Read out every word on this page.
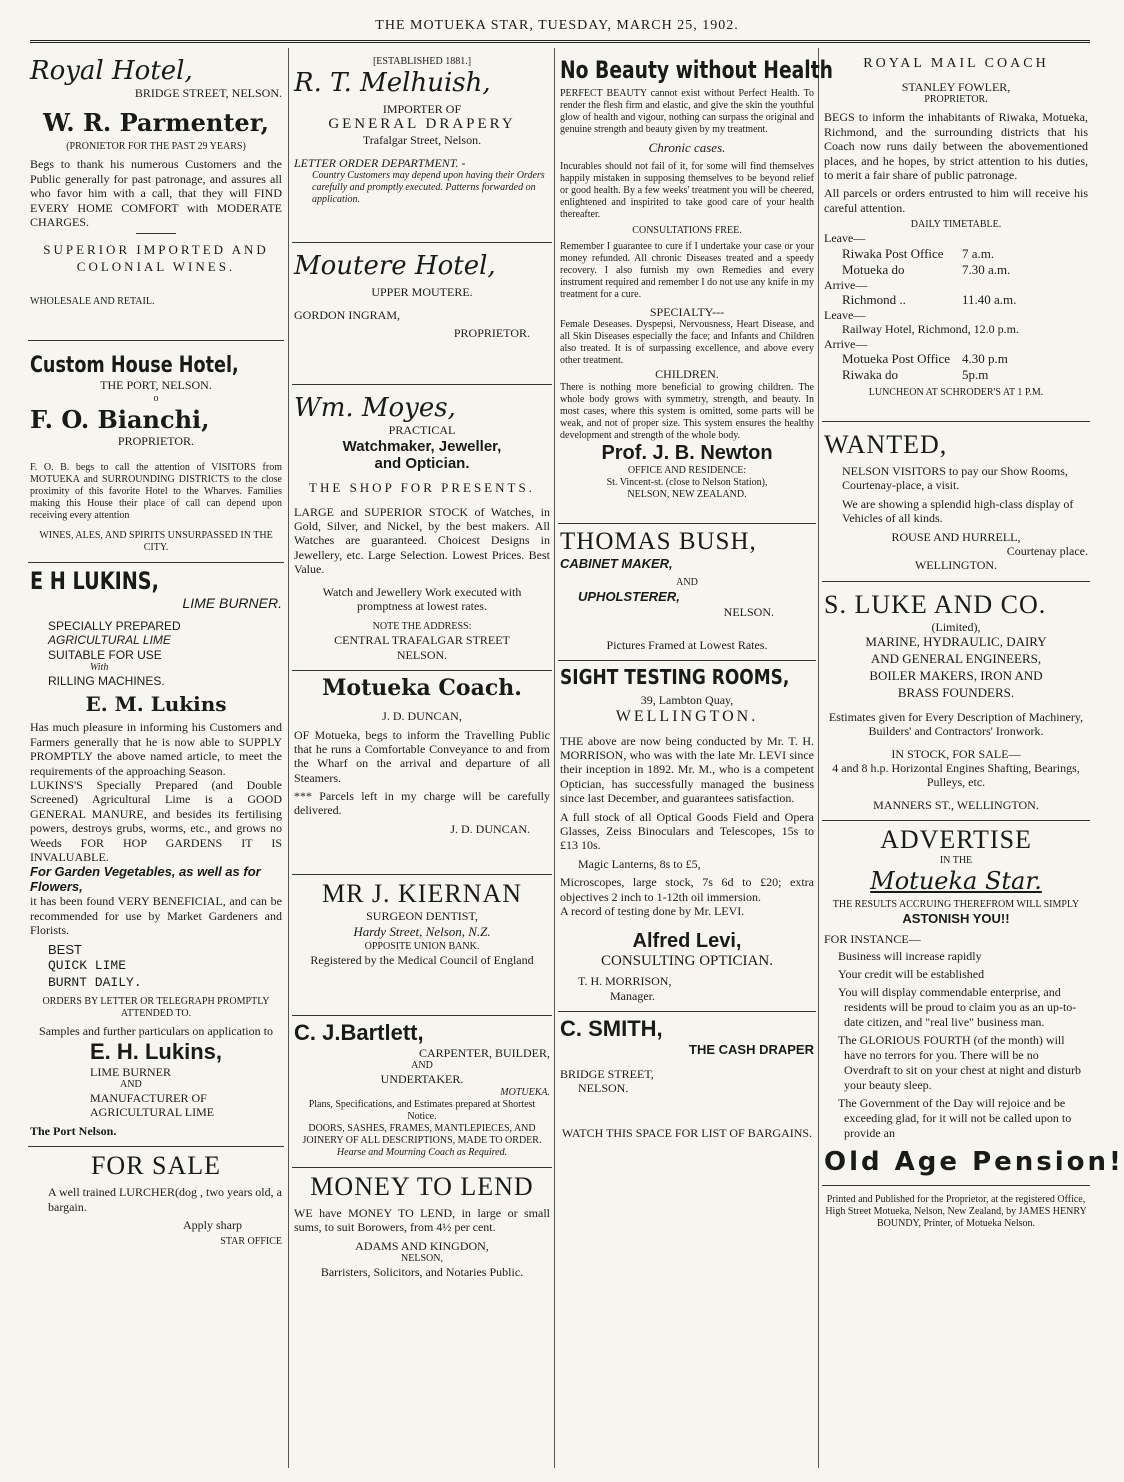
THE MOTUEKA STAR, TUESDAY, MARCH 25, 1902.
Royal Hotel,
BRIDGE STREET, NELSON.
W. R. Parmenter,
(PRONIETOR FOR THE PAST 29 YEARS)
Begs to thank his numerous Customers and the Public generally for past patronage, and assures all who favor him with a call, that they will FIND EVERY HOME COMFORT with MODERATE CHARGES.
SUPERIOR IMPORTED AND COLONIAL WINES.
WHOLESALE AND RETAIL.
Custom House Hotel,
THE PORT, NELSON.
o
F. O. Bianchi,
PROPRIETOR.
F. O. B. begs to call the attention of VISITORS from MOTUEKA and SURROUNDING DISTRICTS to the close proximity of this favorite Hotel to the Wharves. Families making this House their place of call can depend upon receiving every attention
WINES, ALES, AND SPIRITS UNSURPASSED IN THE CITY.
E H LUKINS,
LIME BURNER.
SPECIALLY PREPARED
AGRICULTURAL LIME
SUITABLE FOR USE
With
RILLING MACHINES.
E. M. Lukins
Has much pleasure in informing his Customers and Farmers generally that he is now able to SUPPLY PROMPTLY the above named article, to meet the requirements of the approaching Season.
LUKINS'S Specially Prepared (and Double Screened) Agricultural Lime is a GOOD GENERAL MANURE, and besides its fertilising powers, destroys grubs, worms, etc., and grows no Weeds FOR HOP GARDENS IT IS INVALUABLE.
For Garden Vegetables, as well as for Flowers,
it has been found VERY BENEFICIAL, and can be recommended for use by Market Gardeners and Florists.
BEST
QUICK LIME
BURNT DAILY.
ORDERS BY LETTER OR TELEGRAPH PROMPTLY ATTENDED TO.
Samples and further particulars on application to
E. H. Lukins,
LIME BURNER
AND
MANUFACTURER OF
AGRICULTURAL LIME
The Port Nelson.
FOR SALE
A well trained LURCHER(dog , two years old, a bargain.
Apply sharp
STAR OFFICE
[ESTABLISHED 1881.]
R. T. Melhuish,
IMPORTER OF
GENERAL DRAPERY
Trafalgar Street, Nelson.
LETTER ORDER DEPARTMENT. -
Country Customers may depend upon having their Orders carefully and promptly executed. Patterns forwarded on application.
Moutere Hotel,
UPPER MOUTERE.
GORDON INGRAM,
PROPRIETOR.
Wm. Moyes,
PRACTICAL
Watchmaker, Jeweller,
and Optician.
THE SHOP FOR PRESENTS.
LARGE and SUPERIOR STOCK of Watches, in Gold, Silver, and Nickel, by the best makers. All Watches are guaranteed. Choicest Designs in Jewellery, etc. Large Selection. Lowest Prices. Best Value.
Watch and Jewellery Work executed with promptness at lowest rates.
NOTE THE ADDRESS:
CENTRAL TRAFALGAR STREET
NELSON.
Motueka Coach.
J. D. DUNCAN,
OF Motueka, begs to inform the Travelling Public that he runs a Comfortable Conveyance to and from the Wharf on the arrival and departure of all Steamers.
*** Parcels left in my charge will be carefully delivered.
J. D. DUNCAN.
MR J. KIERNAN
SURGEON DENTIST,
Hardy Street, Nelson, N.Z.
OPPOSITE UNION BANK.
Registered by the Medical Council of England
C. J.Bartlett,
CARPENTER, BUILDER,
AND
UNDERTAKER.
MOTUEKA.
Plans, Specifications, and Estimates prepared at Shortest Notice.
DOORS, SASHES, FRAMES, MANTLEPIECES, AND JOINERY OF ALL DESCRIPTIONS, MADE TO ORDER.
Hearse and Mourning Coach as Required.
MONEY TO LEND
WE have MONEY TO LEND, in large or small sums, to suit Borowers, from 4½ per cent.
ADAMS AND KINGDON,
NELSON,
Barristers, Solicitors, and Notaries Public.
No Beauty without Health
PERFECT BEAUTY cannot exist without Perfect Health. To render the flesh firm and elastic, and give the skin the youthful glow of health and vigour, nothing can surpass the original and genuine strength and beauty given by my treatment.
Chronic cases.
Incurables should not fail of it, for some will find themselves happily mistaken in supposing themselves to be beyond relief or good health. By a few weeks' treatment you will be cheered, enlightened and inspirited to take good care of your health thereafter.
CONSULTATIONS FREE.
Remember I guarantee to cure if I undertake your case or your money refunded. All chronic Diseases treated and a speedy recovery. I also furnish my own Remedies and every instrument required and remember I do not use any knife in my treatment for a cure.
SPECIALTY---
Female Deseases. Dyspepsi, Nervousness, Heart Disease, and all Skin Diseases especially the face; and Infants and Children also treated. It is of surpassing excellence, and above every other treatment.
CHILDREN.
There is nothing more beneficial to growing children. The whole body grows with symmetry, strength, and beauty. In most cases, where this system is omitted, some parts will be weak, and not of proper size. This system ensures the healthy development and strength of the whole body.
Prof. J. B. Newton
OFFICE AND RESIDENCE:
St. Vincent-st. (close to Nelson Station),
NELSON, NEW ZEALAND.
THOMAS BUSH,
CABINET MAKER,
AND
UPHOLSTERER,
NELSON.
Pictures Framed at Lowest Rates.
SIGHT TESTING ROOMS,
39, Lambton Quay,
WELLINGTON.
THE above are now being conducted by Mr. T. H. MORRISON, who was with the late Mr. LEVI since their inception in 1892. Mr. M., who is a competent Optician, has successfully managed the business since last December, and guarantees satisfaction.
A full stock of all Optical Goods Field and Opera Glasses, Zeiss Binoculars and Telescopes, 15s to £13 10s.
Magic Lanterns, 8s to £5,
Microscopes, large stock, 7s 6d to £20; extra objectives 2 inch to 1-12th oil immersion.
A record of testing done by Mr. LEVI.
Alfred Levi,
CONSULTING OPTICIAN.
T. H. MORRISON,
Manager.
C. SMITH,
THE CASH DRAPER
BRIDGE STREET,
NELSON.
WATCH THIS SPACE FOR LIST OF BARGAINS.
ROYAL MAIL COACH
STANLEY FOWLER,
PROPRIETOR.
BEGS to inform the inhabitants of Riwaka, Motueka, Richmond, and the surrounding districts that his Coach now runs daily between the abovementioned places, and he hopes, by strict attention to his duties, to merit a fair share of public patronage.
All parcels or orders entrusted to him will receive his careful attention.
DAILY TIMETABLE.
Leave—
Riwaka Post Office	7 a.m.
Motueka do	7.30 a.m.
Arrive—
Richmond ..	11.40 a.m.
Leave—
Railway Hotel, Richmond, 12.0 p.m.
Arrive—
Motueka Post Office 4.30 p.m
Riwaka do	5p.m
LUNCHEON AT SCHRODER'S AT 1 P.M.
WANTED,
NELSON VISITORS to pay our Show Rooms, Courtenay-place, a visit.
We are showing a splendid high-class display of Vehicles of all kinds.
ROUSE AND HURRELL,
Courtenay place.
WELLINGTON.
S. LUKE AND CO.
(Limited),
MARINE, HYDRAULIC, DAIRY
AND GENERAL ENGINEERS,
BOILER MAKERS, IRON AND
BRASS FOUNDERS.
Estimates given for Every Description of Machinery,
Builders' and Contractors' Ironwork.
IN STOCK, FOR SALE—
4 and 8 h.p. Horizontal Engines Shafting, Bearings, Pulleys, etc.
MANNERS ST., WELLINGTON.
ADVERTISE
IN THE
Motueka Star.
THE RESULTS ACCRUING THEREFROM WILL SIMPLY
ASTONISH YOU!!
FOR INSTANCE—
Business will increase rapidly
Your credit will be established
You will display commendable enterprise, and residents will be proud to claim you as an up-to-date citizen, and "real live" business man.
The GLORIOUS FOURTH (of the month) will have no terrors for you. There will be no Overdraft to sit on your chest at night and disturb your beauty sleep.
The Government of the Day will rejoice and be exceeding glad, for it will not be called upon to provide an
Old Age Pension!
Printed and Published for the Proprietor, at the registered Office, High Street Motueka, Nelson, New Zealand, by JAMES HENRY BOUNDY, Printer, of Motueka Nelson.
